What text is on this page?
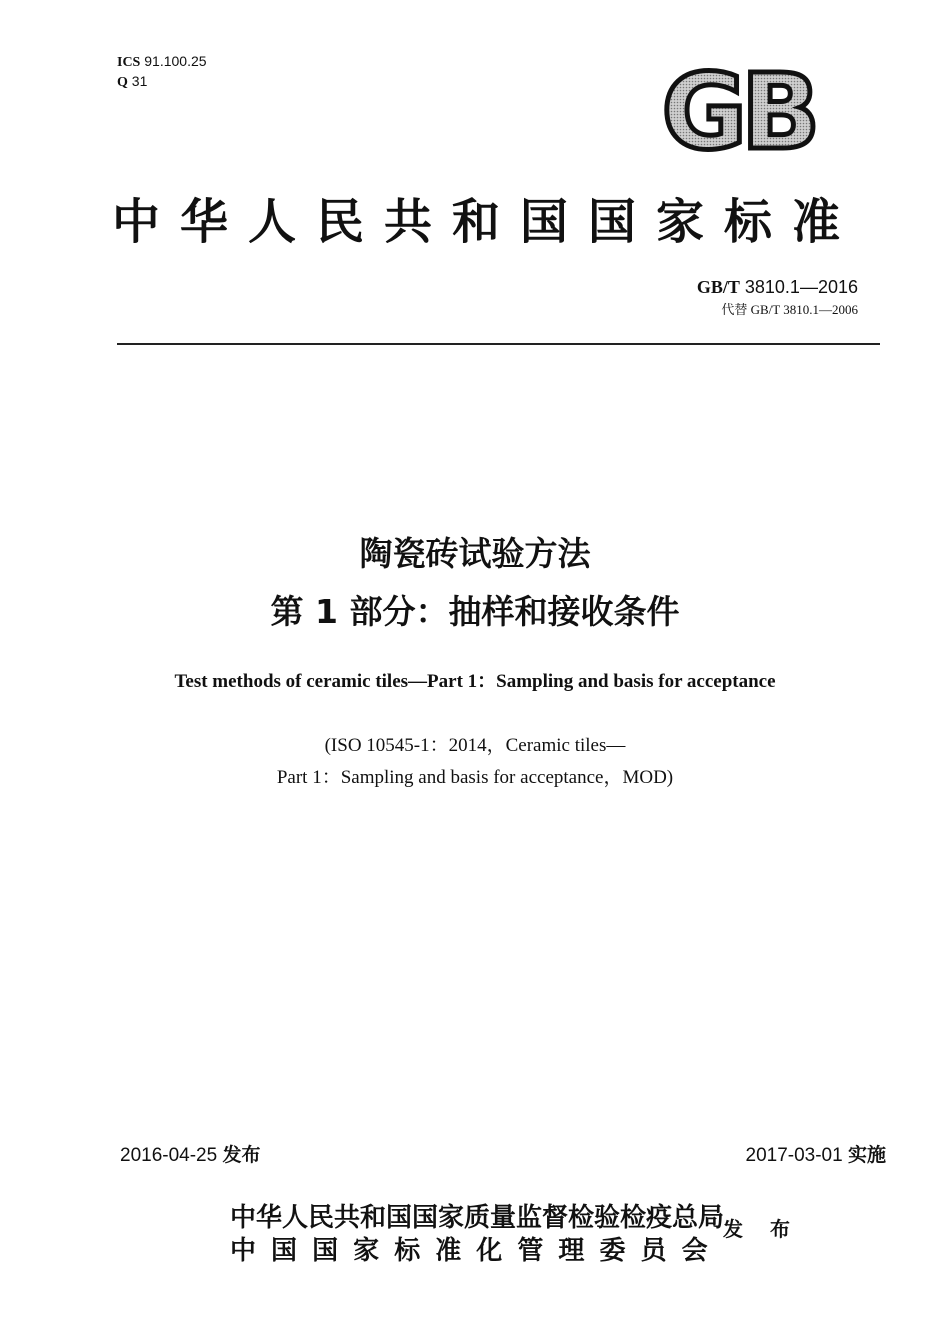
ICS 91.100.25
Q 31	GB
中华人民共和国国家标准
GB/T 3810.1—2016
代替 GB/T 3810.1—2006
陶瓷砖试验方法
第 1 部分：抽样和接收条件
Test methods of ceramic tiles—Part 1：Sampling and basis for acceptance
(ISO 10545-1：2014，Ceramic tiles—
Part 1：Sampling and basis for acceptance，MOD)
2016-04-25 发布	2017-03-01 实施
中华人民共和国国家质量监督检验检疫总局
中 国 国 家 标 准 化 管 理 委 员 会
发 布
